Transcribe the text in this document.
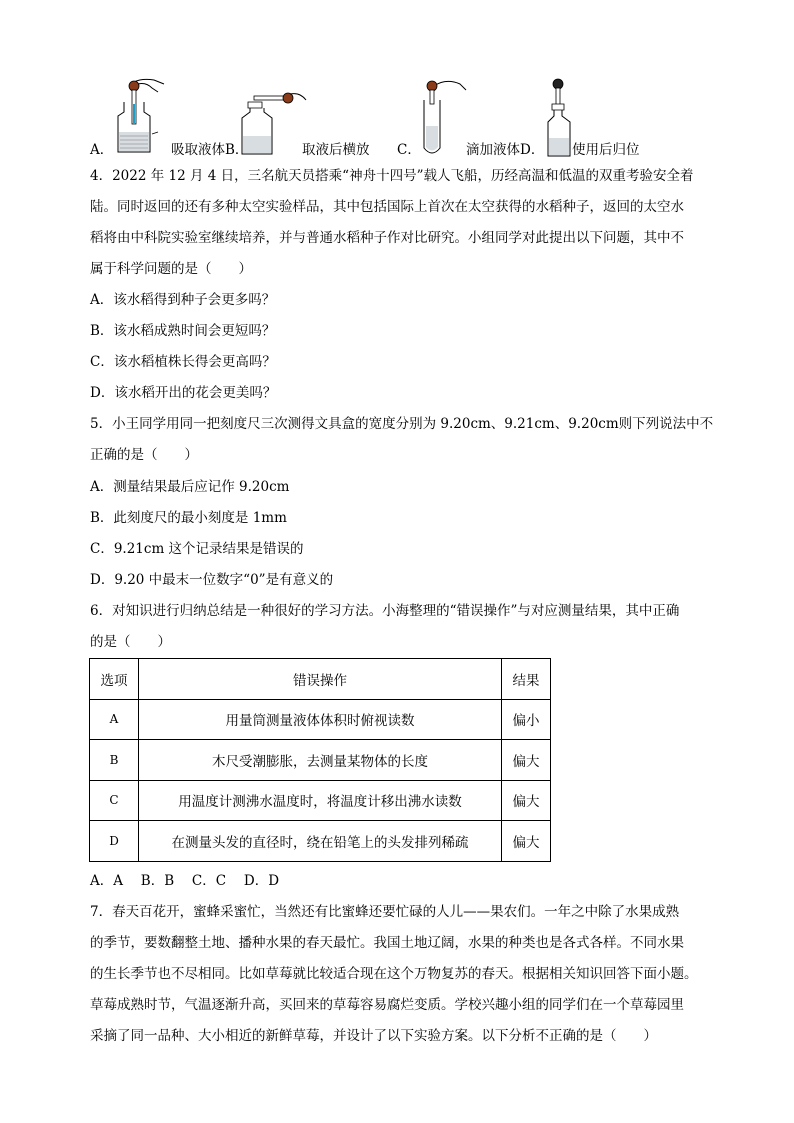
A．	吸取液体B．	取液后横放 C．	滴加液体D． 使用后归位
4．2022 年 12 月 4 日，三名航天员搭乘“神舟十四号”载人飞船，历经高温和低温的双重考验安全着
陆。同时返回的还有多种太空实验样品，其中包括国际上首次在太空获得的水稻种子，返回的太空水
稻将由中科院实验室继续培养，并与普通水稻种子作对比研究。小组同学对此提出以下问题，其中不
属于科学问题的是（　　）
A．该水稻得到种子会更多吗？
B．该水稻成熟时间会更短吗？
C．该水稻植株长得会更高吗？
D．该水稻开出的花会更美吗？
5．小王同学用同一把刻度尺三次测得文具盒的宽度分别为 9.20cm、9.21cm、9.20cm则下列说法中不
正确的是（　　）
A．测量结果最后应记作 9.20cm
B．此刻度尺的最小刻度是 1mm
C．9.21cm 这个记录结果是错误的
D．9.20 中最末一位数字“0”是有意义的
6．对知识进行归纳总结是一种很好的学习方法。小海整理的“错误操作”与对应测量结果，其中正确
的是（　　）
选项	错误操作	结果
A	用量筒测量液体体积时俯视读数	偏小
B	木尺受潮膨胀，去测量某物体的长度	偏大
C	用温度计测沸水温度时，将温度计移出沸水读数	偏大
D	在测量头发的直径时，绕在铅笔上的头发排列稀疏	偏大
A．A　 B．B　 C．C　 D．D
7．春天百花开，蜜蜂采蜜忙，当然还有比蜜蜂还要忙碌的人儿——果农们。一年之中除了水果成熟
的季节，要数翻整土地、播种水果的春天最忙。我国土地辽阔，水果的种类也是各式各样。不同水果
的生长季节也不尽相同。比如草莓就比较适合现在这个万物复苏的春天。根据相关知识回答下面小题。
草莓成熟时节，气温逐渐升高，买回来的草莓容易腐烂变质。学校兴趣小组的同学们在一个草莓园里
采摘了同一品种、大小相近的新鲜草莓，并设计了以下实验方案。以下分析不正确的是（　　）
